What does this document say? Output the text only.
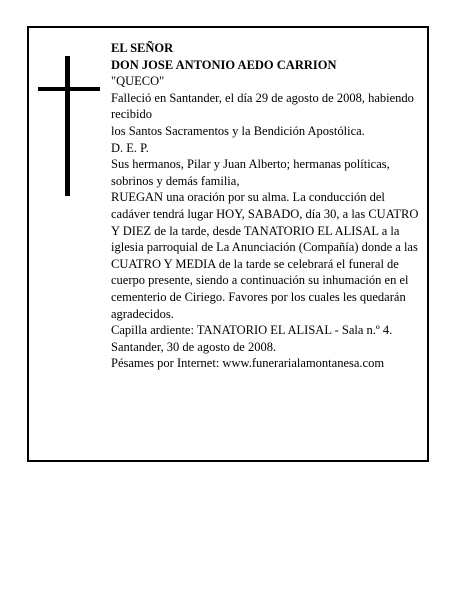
EL SEÑOR
DON JOSE ANTONIO AEDO CARRION
"QUECO"
Falleció en Santander, el día 29 de agosto de 2008, habiendo recibido
los Santos Sacramentos y la Bendición Apostólica.
D. E. P.
Sus hermanos, Pilar y Juan Alberto; hermanas políticas, sobrinos y demás familia,
RUEGAN una oración por su alma. La conducción del cadáver tendrá lugar HOY, SABADO, día 30, a las CUATRO Y DIEZ de la tarde, desde TANATORIO EL ALISAL a la iglesia parroquial de La Anunciación (Compañía) donde a las CUATRO Y MEDIA de la tarde se celebrará el funeral de cuerpo presente, siendo a continuación su inhumación en el cementerio de Ciriego. Favores por los cuales les quedarán agradecidos.
Capilla ardiente: TANATORIO EL ALISAL - Sala n.º 4.
Santander, 30 de agosto de 2008.
Pésames por Internet: www.funerarialamontanesa.com
